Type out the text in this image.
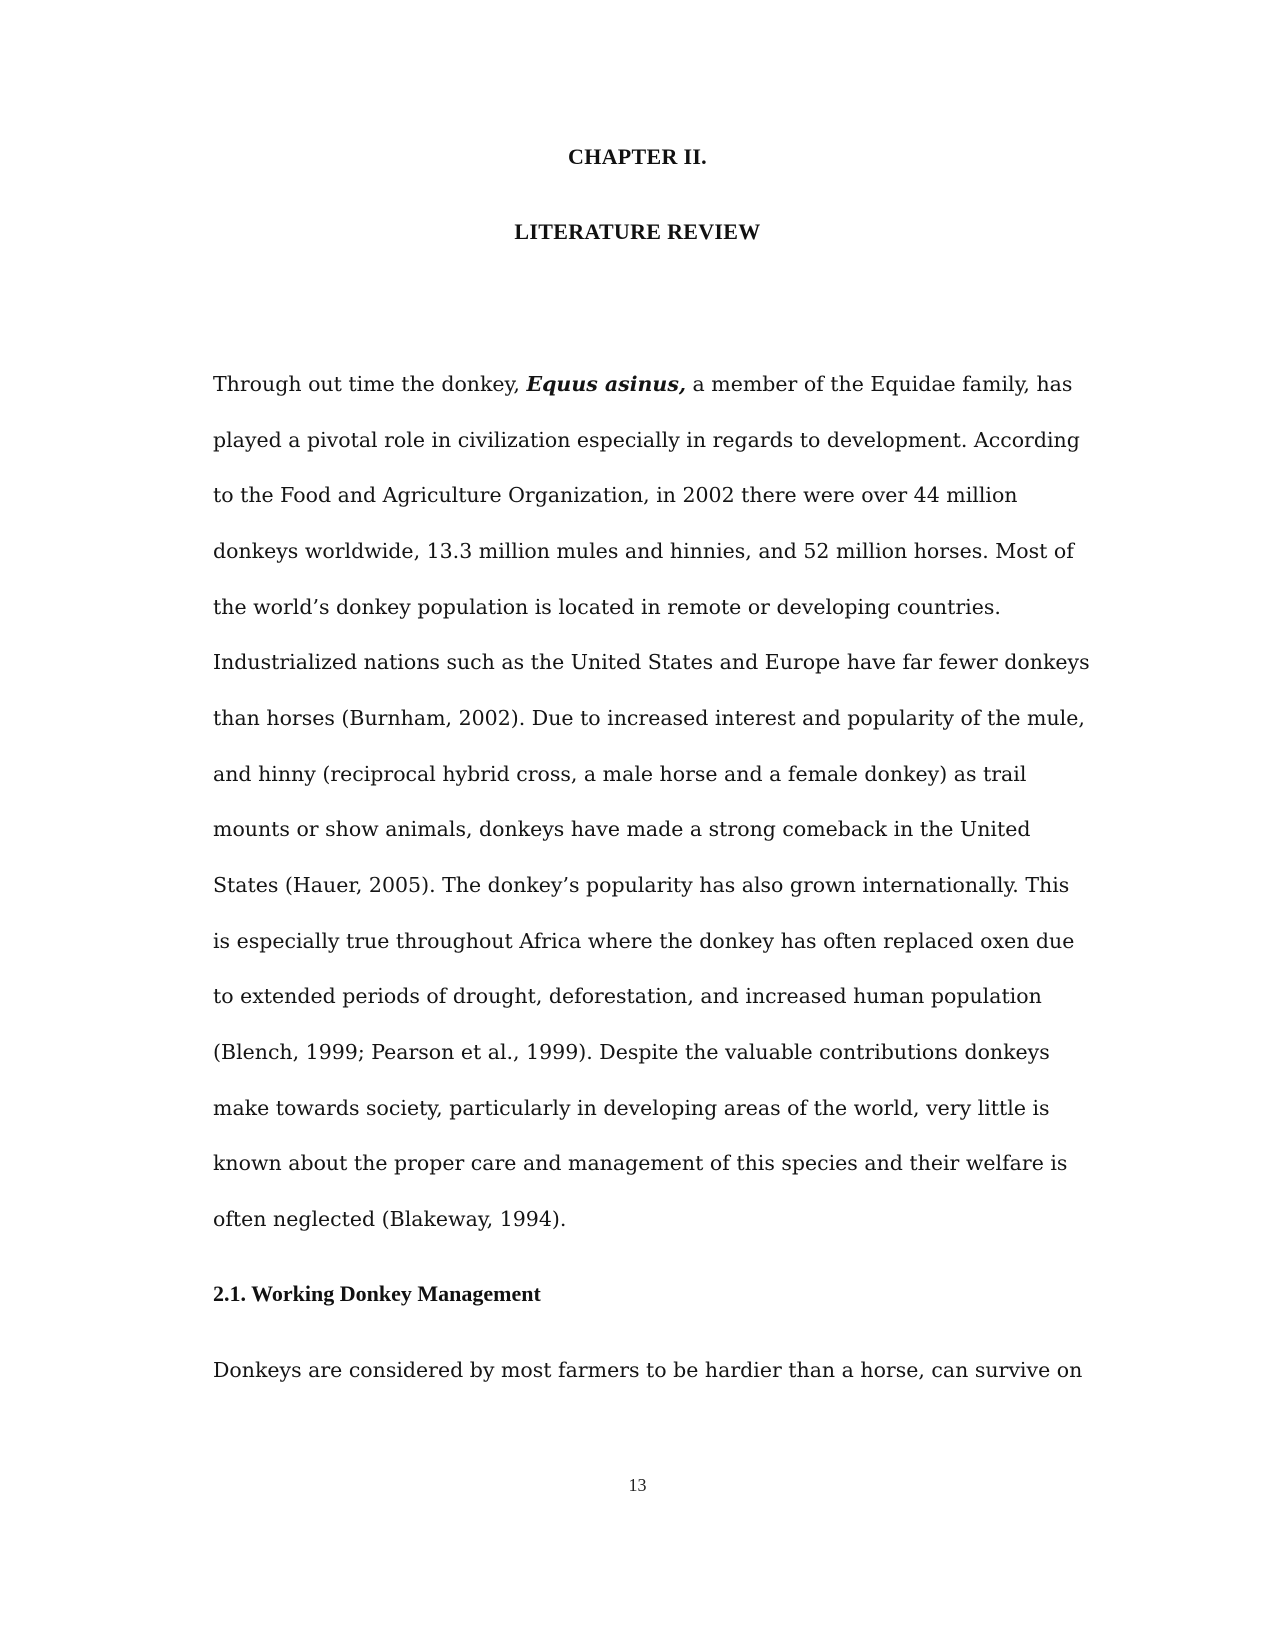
CHAPTER II.
LITERATURE REVIEW
Through out time the donkey, Equus asinus, a member of the Equidae family, has
played a pivotal role in civilization especially in regards to development. According
to the Food and Agriculture Organization, in 2002 there were over 44 million
donkeys worldwide, 13.3 million mules and hinnies, and 52 million horses. Most of
the world’s donkey population is located in remote or developing countries.
Industrialized nations such as the United States and Europe have far fewer donkeys
than horses (Burnham, 2002). Due to increased interest and popularity of the mule,
and hinny (reciprocal hybrid cross, a male horse and a female donkey) as trail
mounts or show animals, donkeys have made a strong comeback in the United
States (Hauer, 2005). The donkey’s popularity has also grown internationally. This
is especially true throughout Africa where the donkey has often replaced oxen due
to extended periods of drought, deforestation, and increased human population
(Blench, 1999; Pearson et al., 1999). Despite the valuable contributions donkeys
make towards society, particularly in developing areas of the world, very little is
known about the proper care and management of this species and their welfare is
often neglected (Blakeway, 1994).
2.1. Working Donkey Management
Donkeys are considered by most farmers to be hardier than a horse, can survive on
13
